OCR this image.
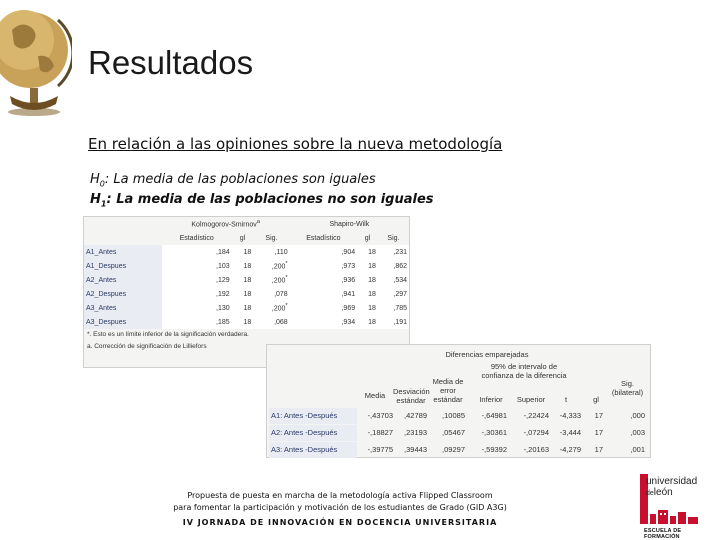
Resultados
En relación a las opiniones sobre la nueva metodología
$H_0$: La media de las poblaciones son iguales
$H_1$: La media de las poblaciones no son iguales
	Kolmogorov-Smirnov$^a$			Shapiro-Wilk		
	Estadístico	gl	Sig.	Estadístico	gl	Sig.
A1_Antes	,184	18	,110	,904	18	,231
A1_Despues	,103	18	,200*	,973	18	,862
A2_Antes	,129	18	,200*	,936	18	,534
A2_Despues	,192	18	,078	,941	18	,297
A3_Antes	,130	18	,200*	,969	18	,785
A3_Despues	,185	18	,068	,934	18	,191
*. Esto es un límite inferior de la significación verdadera.						
a. Corrección de significación de Lilliefors						
Diferencias emparejadas
95% de intervalo de confianza de la diferencia
Media	Desviación estándar
Media de error estándar	Inferior	Superior	t	gl
Sig. (bilateral)
A1: Antes -Después	-,43703	,42789	,10085	-,64981	-,22424	-4,333	17	,000
A2: Antes -Después	-,18827	,23193	,05467	-,30361	-,07294	-3,444	17	,003
A3: Antes -Después	-,39775	,39443	,09297	-,59392	-,20163	-4,279	17	,001
Propuesta de puesta en marcha de la metodología activa Flipped Classroom
para fomentar la participación y motivación de los estudiantes de Grado (GID A3G)
IV JORNADA DE INNOVACIÓN EN DOCENCIA UNIVERSITARIA
universidad
deleón
ESCUELA DE FORMACIÓN
